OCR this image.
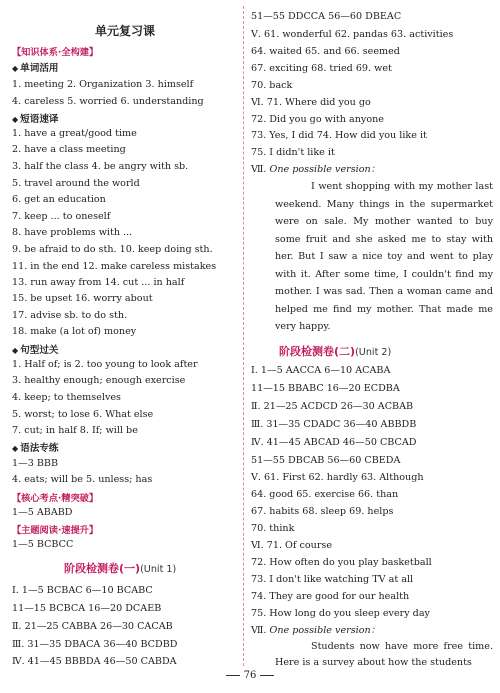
单元复习课
【知识体系·全构建】
◆ 单词活用
1. meeting 2. Organization 3. himself
4. careless 5. worried 6. understanding
◆ 短语速译
1. have a great/good time
2. have a class meeting
3. half the class 4. be angry with sb.
5. travel around the world
6. get an education
7. keep ... to oneself
8. have problems with ...
9. be afraid to do sth. 10. keep doing sth.
11. in the end 12. make careless mistakes
13. run away from 14. cut ... in half
15. be upset 16. worry about
17. advise sb. to do sth.
18. make (a lot of) money
◆ 句型过关
1. Half of; is 2. too young to look after
3. healthy enough; enough exercise
4. keep; to themselves
5. worst; to lose 6. What else
7. cut; in half 8. If; will be
◆ 语法专练
1—3 BBB
4. eats; will be 5. unless; has
【核心考点·精突破】
1—5 ABABD
【主题阅读·速提升】
1—5 BCBCC
阶段检测卷(一)(Unit 1)
Ⅰ. 1—5 BCBAC 6—10 BCABC
11—15 BCBCA 16—20 DCAEB
Ⅱ. 21—25 CABBA 26—30 CACAB
Ⅲ. 31—35 DBACA 36—40 BCDBD
Ⅳ. 41—45 BBBDA 46—50 CABDA
51—55 DDCCA 56—60 DBEAC
Ⅴ. 61. wonderful 62. pandas 63. activities
64. waited 65. and 66. seemed
67. exciting 68. tried 69. wet
70. back
Ⅵ. 71. Where did you go
72. Did you go with anyone
73. Yes, I did 74. How did you like it
75. I didn't like it
Ⅶ. One possible version：
I went shopping with my mother last weekend. Many things in the supermarket were on sale. My mother wanted to buy some fruit and she asked me to stay with her. But I saw a nice toy and went to play with it. After some time, I couldn't find my mother. I was sad. Then a woman came and helped me find my mother. That made me very happy.
阶段检测卷(二)(Unit 2)
Ⅰ. 1—5 AACCA 6—10 ACABA
11—15 BBABC 16—20 ECDBA
Ⅱ. 21—25 ACDCD 26—30 ACBAB
Ⅲ. 31—35 CDADC 36—40 ABBDB
Ⅳ. 41—45 ABCAD 46—50 CBCAD
51—55 DBCAB 56—60 CBEDA
Ⅴ. 61. First 62. hardly 63. Although
64. good 65. exercise 66. than
67. habits 68. sleep 69. helps
70. think
Ⅵ. 71. Of course
72. How often do you play basketball
73. I don't like watching TV at all
74. They are good for our health
75. How long do you sleep every day
Ⅶ. One possible version：
Students now have more free time. Here is a survey about how the students
76
